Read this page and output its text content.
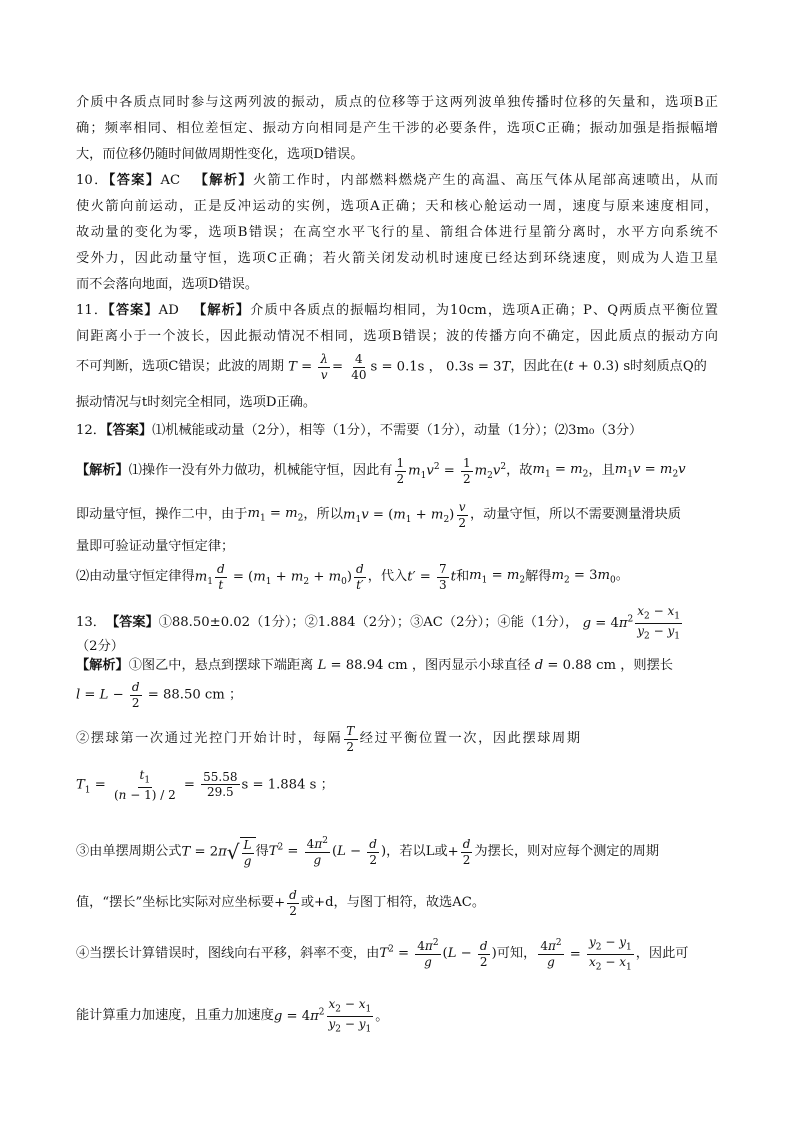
介质中各质点同时参与这两列波的振动，质点的位移等于这两列波单独传播时位移的矢量和，选项B正
确；频率相同、相位差恒定、振动方向相同是产生干涉的必要条件，选项C正确；振动加强是指振幅增
大，而位移仍随时间做周期性变化，选项D错误。
10．【答案】AC  【解析】火箭工作时，内部燃料燃烧产生的高温、高压气体从尾部高速喷出，从而
使火箭向前运动，正是反冲运动的实例，选项A正确；天和核心舱运动一周，速度与原来速度相同，
故动量的变化为零，选项B错误；在高空水平飞行的星、箭组合体进行星箭分离时，水平方向系统不
受外力，因此动量守恒，选项C正确；若火箭关闭发动机时速度已经达到环绕速度，则成为人造卫星
而不会落向地面，选项D错误。
11．【答案】AD  【解析】介质中各质点的振幅均相同，为10cm，选项A正确；P、Q两质点平衡位置
间距离小于一个波长，因此振动情况不相同，选项B错误；波的传播方向不确定，因此质点的振动方向
不可判断，选项C错误；此波的周期 $T = \frac{\lambda}{v} = \frac{4}{40}$ s = 0.1s ， 0.3s = 3T ，因此在 (t + 0.3) s 时刻质点Q的
振动情况与t时刻完全相同，选项D正确。
12．【答案】⑴机械能或动量（2分），相等（1分），不需要（1分），动量（1分）；⑵3m₀（3分）
【解析】 ⑴操作一没有外力做功，机械能守恒，因此有 $\frac{1}{2} m_1v^2 = \frac{1}{2} m_2v^2$ ，故 $m_1 = m_2$ ，且 $m_1v = m_2v$
即动量守恒，操作二中，由于 $m_1 = m_2$ ，所以 $m_1v = (m_1 + m_2) \frac{v}{2}$ ，动量守恒，所以不需要测量滑块质
量即可验证动量守恒定律；
⑵由动量守恒定律得 $m_1 \frac{d}{t} = (m_1 + m_2 + m_0) \frac{d}{t'}$ ，代入 $t' = \frac{7}{3}$ t 和 $m_1 = m_2$ 解得 $m_2 = 3m_0$。
13． 【答案】 ①88.50±0.02（1分）；②1.884（2分）；③AC（2分）；④能（1分）， $g = 4\pi^2 \frac{x_2 - x_1}{y_2 - y_1}$
（2分）
【解析】 ①图乙中，悬点到摆球下端距离 L = 88.94 cm ，图丙显示小球直径 d = 0.88 cm ，则摆长
$l = L - \frac{d}{2} = 88.50$ cm ；
②摆球第一次通过光控门开始计时，每隔 $\frac{T}{2}$ 经过平衡位置一次，因此摆球周期
$T_1 = \frac{t_1}{(n - 1) / 2} = \frac{55.58}{29.5}$ s = 1.884 s ；
③由单摆周期公式 T = 2π √ L
g
得 $T^2 = \frac{4\pi^2}{g} (L - \frac{d}{2}$ ) ，若以L或 + $\frac{d}{2}$ 为摆长，则对应每个测定的周期
值，“摆长”坐标比实际对应坐标要 + $\frac{d}{2}$ 或+d，与图丁相符，故选AC。
④当摆长计算错误时，图线向右平移，斜率不变，由 $T^2 = \frac{4\pi^2}{g} (L - \frac{d}{2}$ ) 可知， $\frac{4\pi^2}{g} = \frac{y_2 - y_1}{x_2 - x_1}$ ，因此可
能计算重力加速度，且重力加速度 $g = 4\pi^2 \frac{x_2 - x_1}{y_2 - y_1}$ 。
